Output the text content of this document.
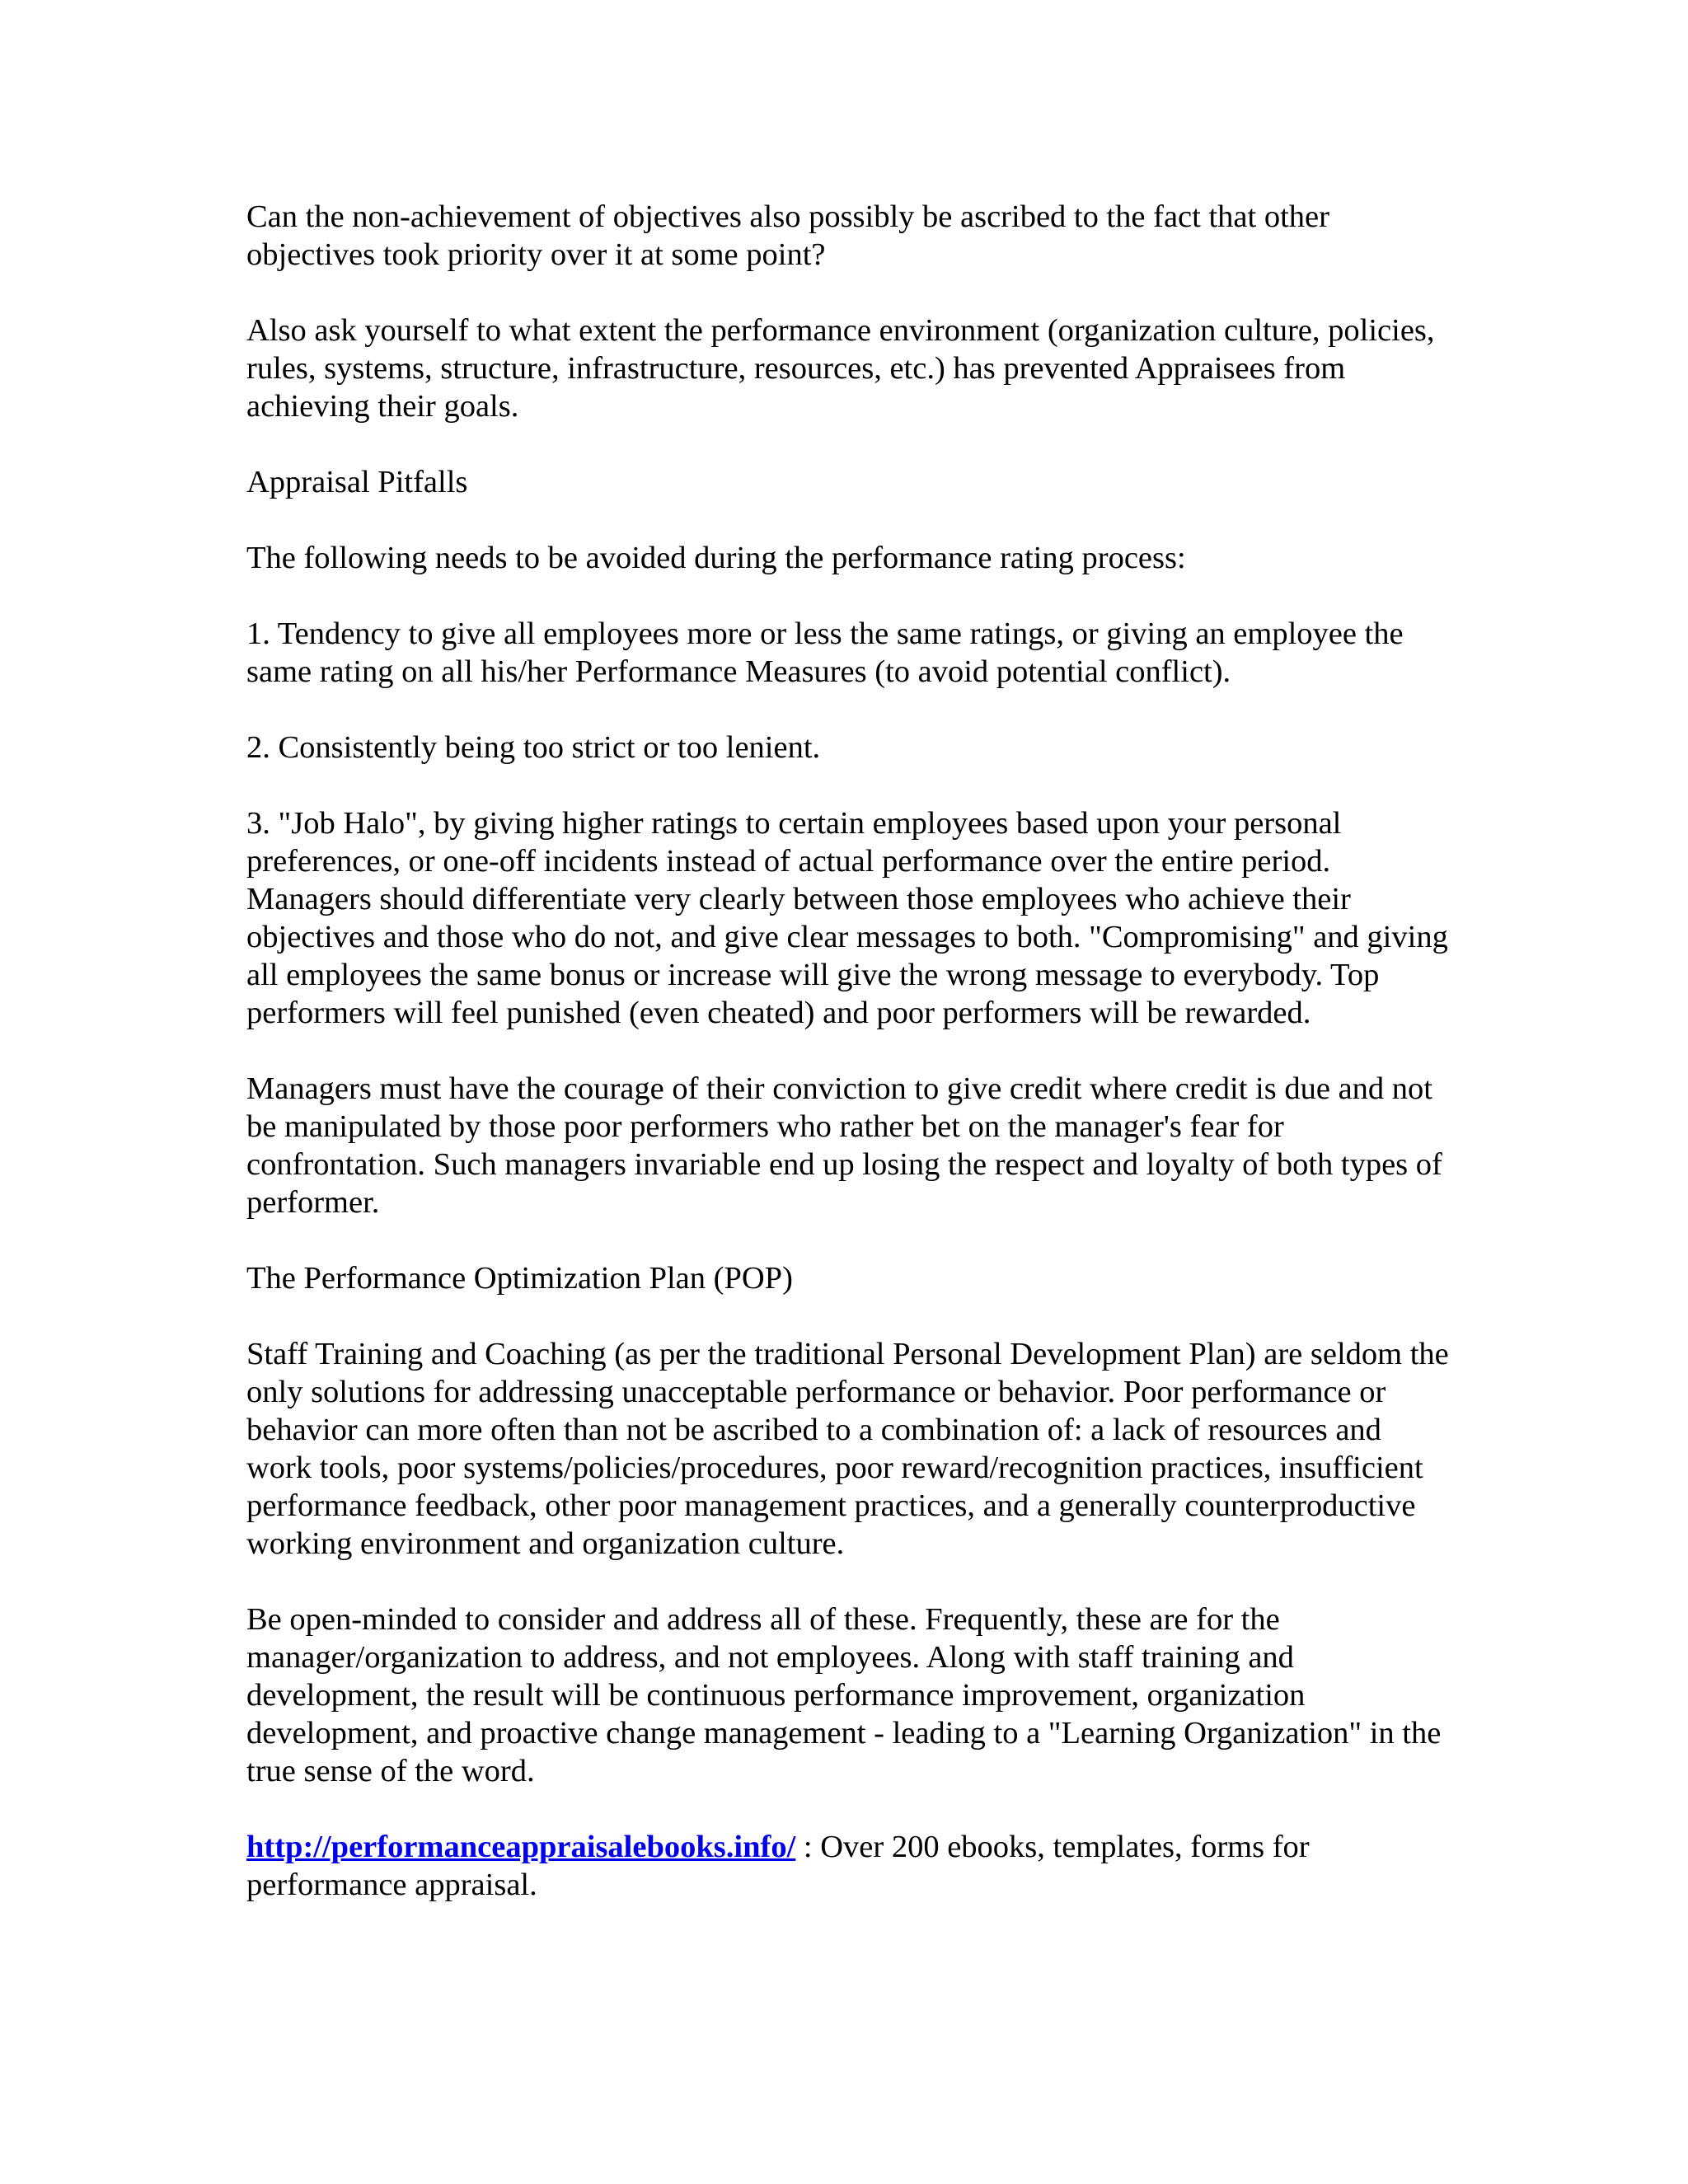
Can the non-achievement of objectives also possibly be ascribed to the fact that other objectives took priority over it at some point?

Also ask yourself to what extent the performance environment (organization culture, policies, rules, systems, structure, infrastructure, resources, etc.) has prevented Appraisees from achieving their goals.

Appraisal Pitfalls

The following needs to be avoided during the performance rating process:

1. Tendency to give all employees more or less the same ratings, or giving an employee the same rating on all his/her Performance Measures (to avoid potential conflict).

2. Consistently being too strict or too lenient.

3. "Job Halo", by giving higher ratings to certain employees based upon your personal preferences, or one-off incidents instead of actual performance over the entire period. Managers should differentiate very clearly between those employees who achieve their objectives and those who do not, and give clear messages to both. "Compromising" and giving all employees the same bonus or increase will give the wrong message to everybody. Top performers will feel punished (even cheated) and poor performers will be rewarded.

Managers must have the courage of their conviction to give credit where credit is due and not be manipulated by those poor performers who rather bet on the manager's fear for confrontation. Such managers invariable end up losing the respect and loyalty of both types of performer.

The Performance Optimization Plan (POP)

Staff Training and Coaching (as per the traditional Personal Development Plan) are seldom the only solutions for addressing unacceptable performance or behavior. Poor performance or behavior can more often than not be ascribed to a combination of: a lack of resources and work tools, poor systems/policies/procedures, poor reward/recognition practices, insufficient performance feedback, other poor management practices, and a generally counterproductive working environment and organization culture.

Be open-minded to consider and address all of these. Frequently, these are for the manager/organization to address, and not employees. Along with staff training and development, the result will be continuous performance improvement, organization development, and proactive change management - leading to a "Learning Organization" in the true sense of the word.

http://performanceappraisalebooks.info/ : Over 200 ebooks, templates, forms for performance appraisal.
